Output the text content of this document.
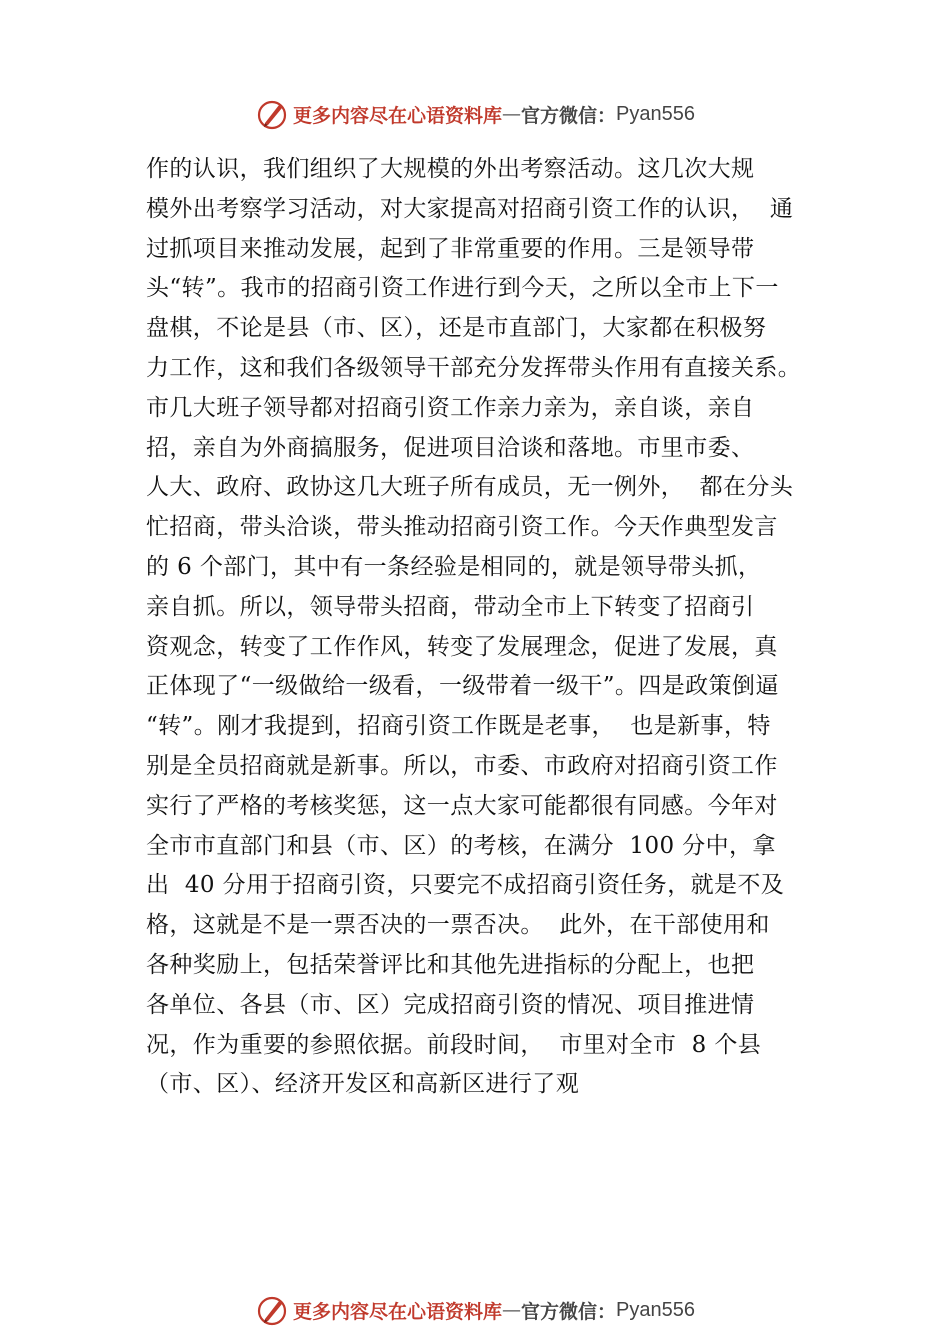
更多内容尽在心语资料库 — 官方微信： Pyan556
作的认识，我们组织了大规模的外出考察活动。这几次大规
模外出考察学习活动，对大家提高对招商引资工作的认识，  通
过抓项目来推动发展，起到了非常重要的作用。三是领导带
头“转”。我市的招商引资工作进行到今天，之所以全市上下一
盘棋，不论是县（市、区），还是市直部门，大家都在积极努
力工作，这和我们各级领导干部充分发挥带头作用有直接关系。
市几大班子领导都对招商引资工作亲力亲为，亲自谈，亲自
招，亲自为外商搞服务，促进项目洽谈和落地。市里市委、
人大、政府、政协这几大班子所有成员，无一例外，  都在分头
忙招商，带头洽谈，带头推动招商引资工作。今天作典型发言
的 6 个部门，其中有一条经验是相同的，就是领导带头抓，
亲自抓。所以，领导带头招商，带动全市上下转变了招商引
资观念，转变了工作作风，转变了发展理念，促进了发展，真
正体现了“一级做给一级看，一级带着一级干”。四是政策倒逼
“转”。刚才我提到，招商引资工作既是老事，  也是新事，特
别是全员招商就是新事。所以，市委、市政府对招商引资工作
实行了严格的考核奖惩，这一点大家可能都很有同感。今年对
全市市直部门和县（市、区）的考核，在满分  100 分中，拿
出  40 分用于招商引资，只要完不成招商引资任务，就是不及
格，这就是不是一票否决的一票否决。  此外，在干部使用和
各种奖励上，包括荣誉评比和其他先进指标的分配上，也把
各单位、各县（市、区）完成招商引资的情况、项目推进情
况，作为重要的参照依据。前段时间，  市里对全市  8 个县
（市、区）、经济开发区和高新区进行了观
更多内容尽在心语资料库 — 官方微信： Pyan556
